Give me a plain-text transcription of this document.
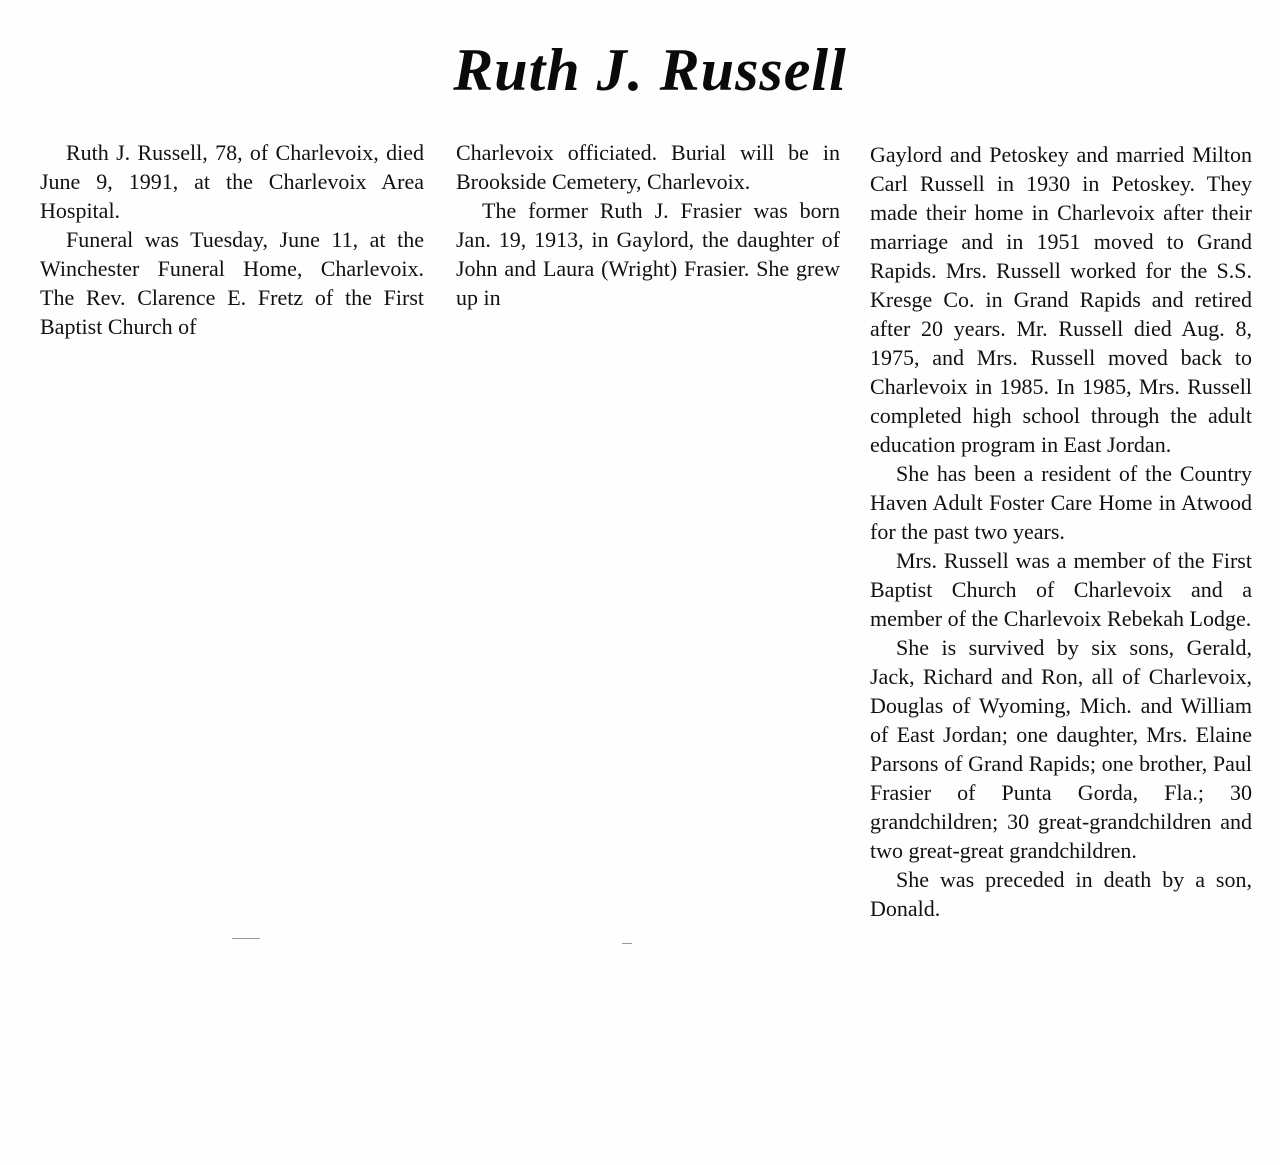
Ruth J. Russell

Ruth J. Russell, 78, of Charlevoix, died June 9, 1991, at the Charlevoix Area Hospital.

Funeral was Tuesday, June 11, at the Winchester Funeral Home, Charlevoix. The Rev. Clarence E. Fretz of the First Baptist Church of

Charlevoix officiated. Burial will be in Brookside Cemetery, Charlevoix.

The former Ruth J. Frasier was born Jan. 19, 1913, in Gaylord, the daughter of John and Laura (Wright) Frasier. She grew up in

Gaylord and Petoskey and married Milton Carl Russell in 1930 in Petoskey. They made their home in Charlevoix after their marriage and in 1951 moved to Grand Rapids. Mrs. Russell worked for the S.S. Kresge Co. in Grand Rapids and retired after 20 years. Mr. Russell died Aug. 8, 1975, and Mrs. Russell moved back to Charlevoix in 1985. In 1985, Mrs. Russell completed high school through the adult education program in East Jordan.

She has been a resident of the Country Haven Adult Foster Care Home in Atwood for the past two years.

Mrs. Russell was a member of the First Baptist Church of Charlevoix and a member of the Charlevoix Rebekah Lodge.

She is survived by six sons, Gerald, Jack, Richard and Ron, all of Charlevoix, Douglas of Wyoming, Mich. and William of East Jordan; one daughter, Mrs. Elaine Parsons of Grand Rapids; one brother, Paul Frasier of Punta Gorda, Fla.; 30 grandchildren; 30 great-grandchildren and two great-great grandchildren.

She was preceded in death by a son, Donald.
